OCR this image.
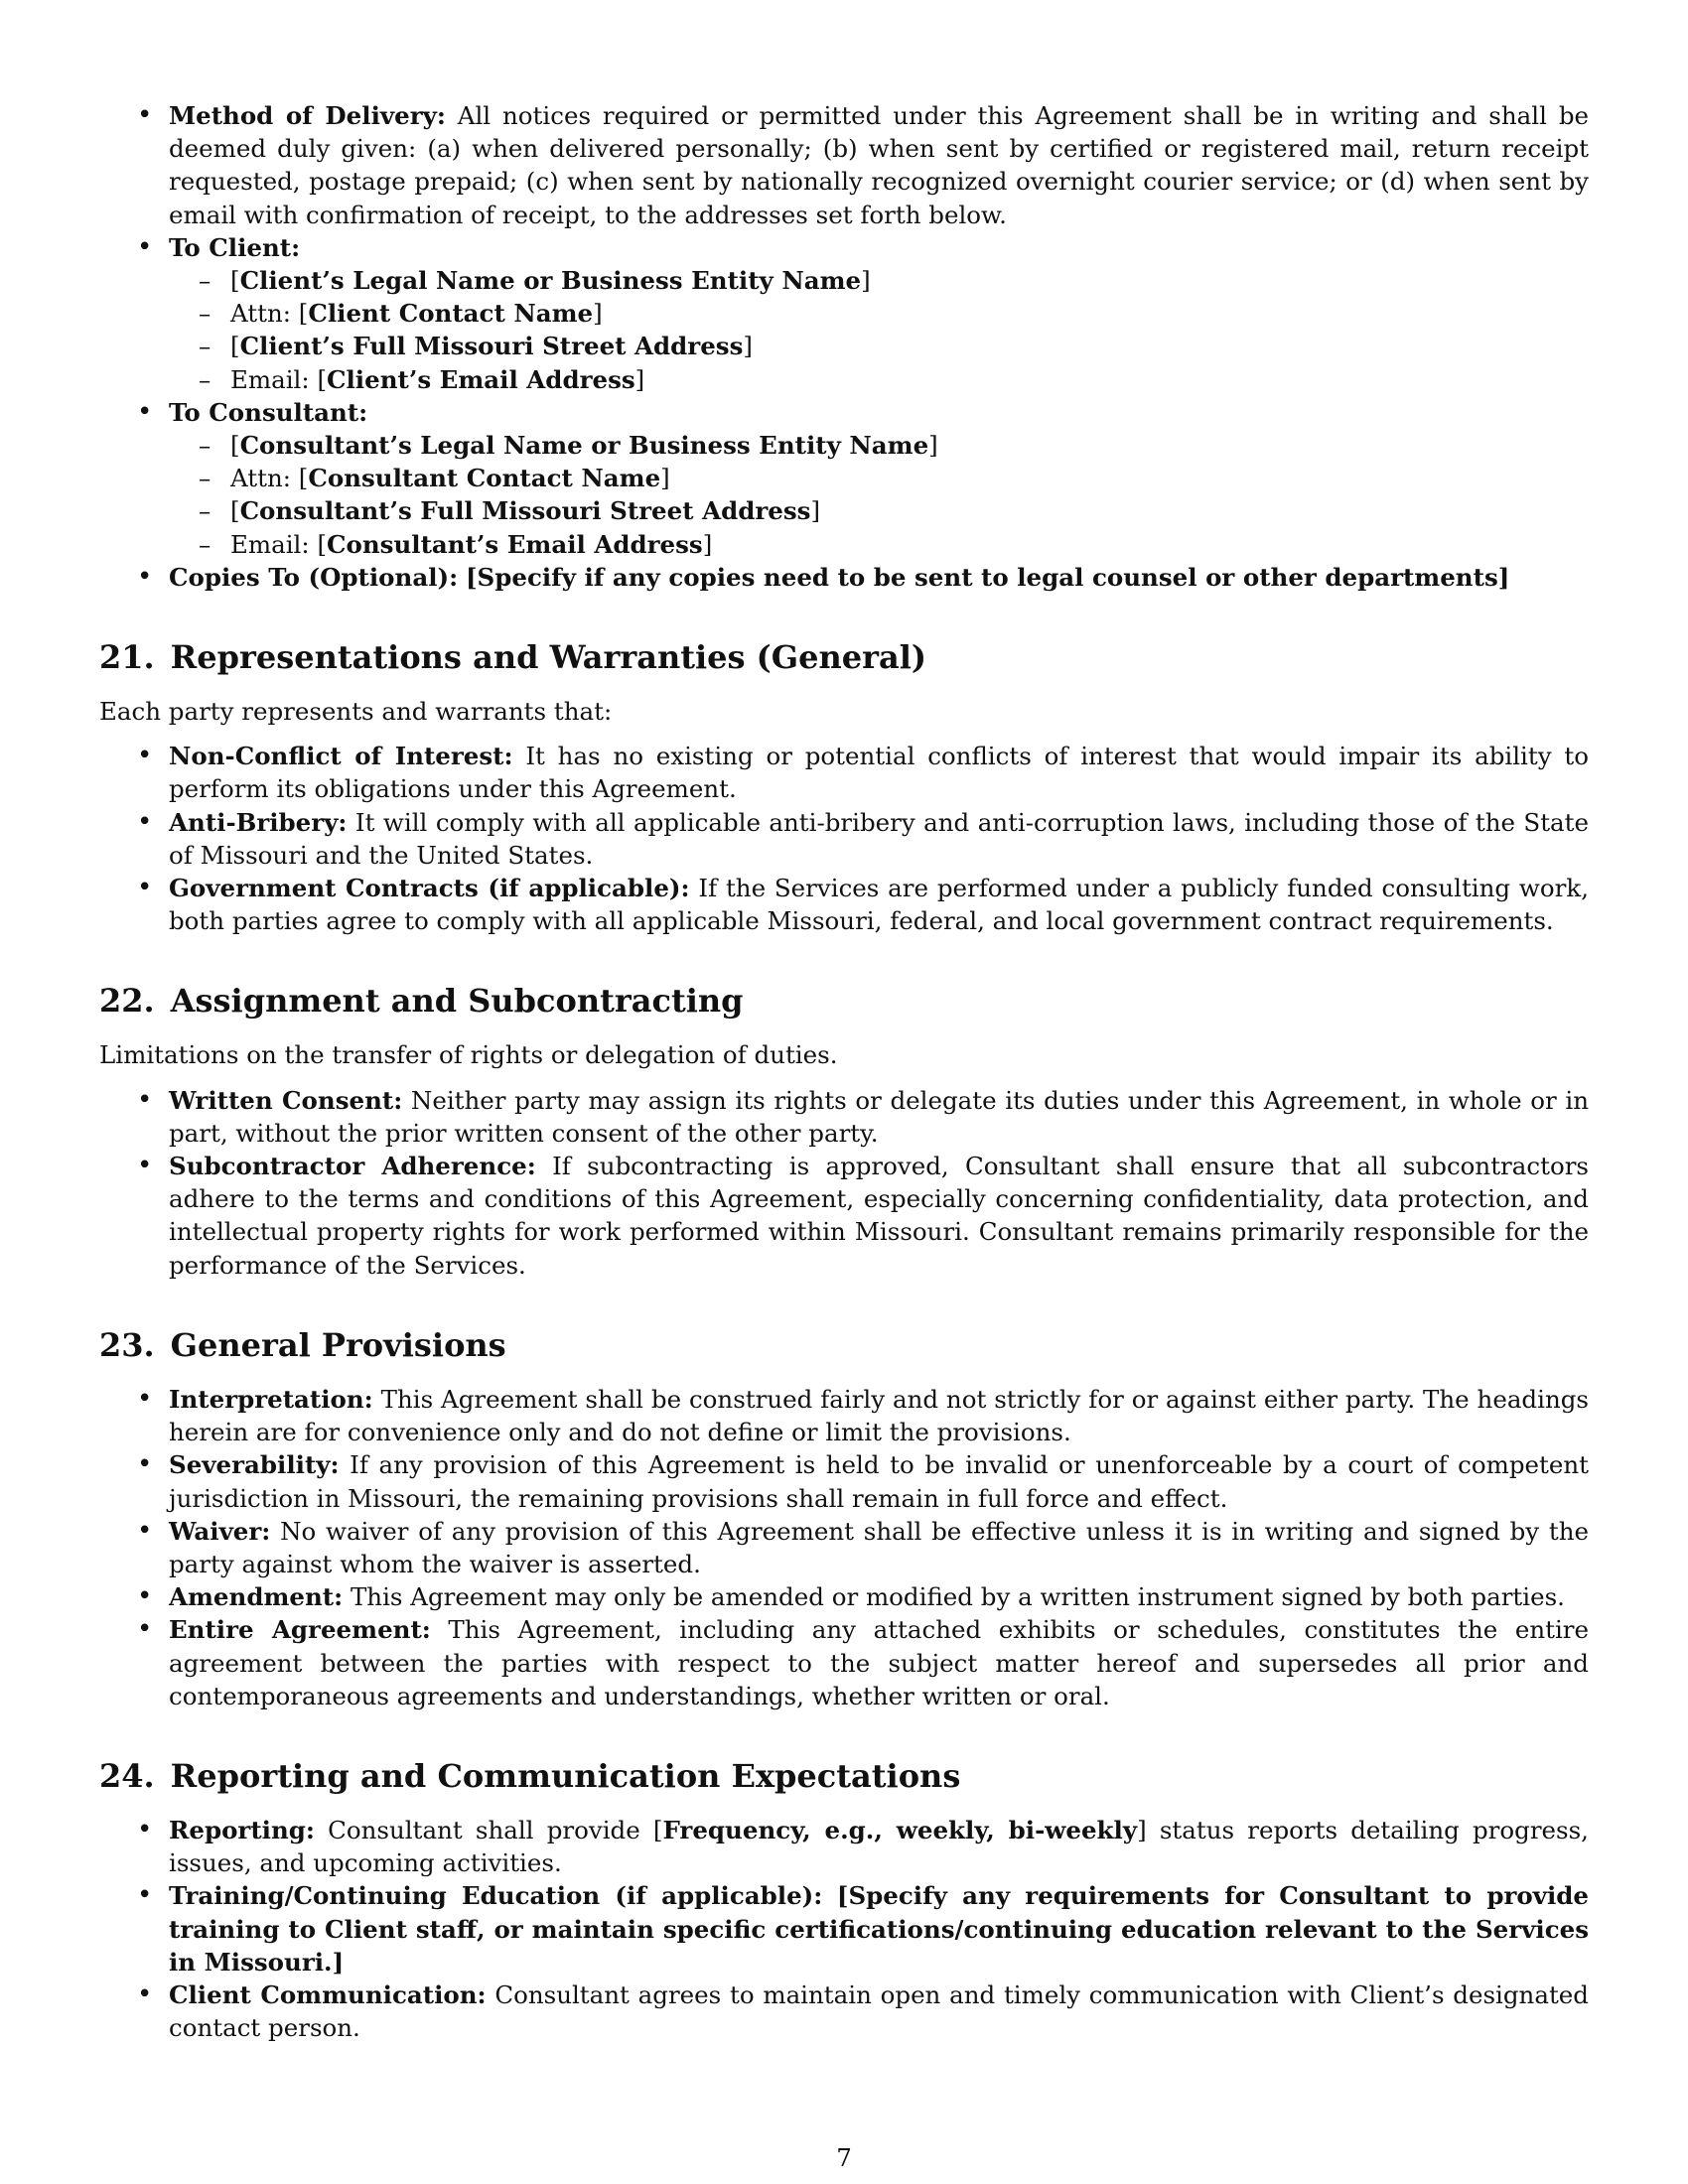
• Method of Delivery: All notices required or permitted under this Agreement shall be in writing and shall be deemed duly given: (a) when delivered personally; (b) when sent by certified or registered mail, return receipt requested, postage prepaid; (c) when sent by nationally recognized overnight courier service; or (d) when sent by email with confirmation of receipt, to the addresses set forth below.
• To Client:
– [Client’s Legal Name or Business Entity Name]
– Attn: [Client Contact Name]
– [Client’s Full Missouri Street Address]
– Email: [Client’s Email Address]
• To Consultant:
– [Consultant’s Legal Name or Business Entity Name]
– Attn: [Consultant Contact Name]
– [Consultant’s Full Missouri Street Address]
– Email: [Consultant’s Email Address]
• Copies To (Optional): [Specify if any copies need to be sent to legal counsel or other departments]
21. Representations and Warranties (General)

Each party represents and warrants that:

• Non-Conflict of Interest: It has no existing or potential conflicts of interest that would impair its ability to perform its obligations under this Agreement.
• Anti-Bribery: It will comply with all applicable anti-bribery and anti-corruption laws, including those of the State of Missouri and the United States.
• Government Contracts (if applicable): If the Services are performed under a publicly funded consulting work, both parties agree to comply with all applicable Missouri, federal, and local government contract requirements.
22. Assignment and Subcontracting

Limitations on the transfer of rights or delegation of duties.

• Written Consent: Neither party may assign its rights or delegate its duties under this Agreement, in whole or in part, without the prior written consent of the other party.
• Subcontractor Adherence: If subcontracting is approved, Consultant shall ensure that all subcontractors adhere to the terms and conditions of this Agreement, especially concerning confidentiality, data protection, and intellectual property rights for work performed within Missouri. Consultant remains primarily responsible for the performance of the Services.
23. General Provisions
• Interpretation: This Agreement shall be construed fairly and not strictly for or against either party. The headings herein are for convenience only and do not define or limit the provisions.
• Severability: If any provision of this Agreement is held to be invalid or unenforceable by a court of competent jurisdiction in Missouri, the remaining provisions shall remain in full force and effect.
• Waiver: No waiver of any provision of this Agreement shall be effective unless it is in writing and signed by the party against whom the waiver is asserted.
• Amendment: This Agreement may only be amended or modified by a written instrument signed by both parties.
• Entire Agreement: This Agreement, including any attached exhibits or schedules, constitutes the entire agreement between the parties with respect to the subject matter hereof and supersedes all prior and contemporaneous agreements and understandings, whether written or oral.
24. Reporting and Communication Expectations
• Reporting: Consultant shall provide [Frequency, e.g., weekly, bi-weekly] status reports detailing progress, issues, and upcoming activities.
• Training/Continuing Education (if applicable): [Specify any requirements for Consultant to provide training to Client staff, or maintain specific certifications/continuing education relevant to the Services in Missouri.]
• Client Communication: Consultant agrees to maintain open and timely communication with Client’s designated contact person.
7
